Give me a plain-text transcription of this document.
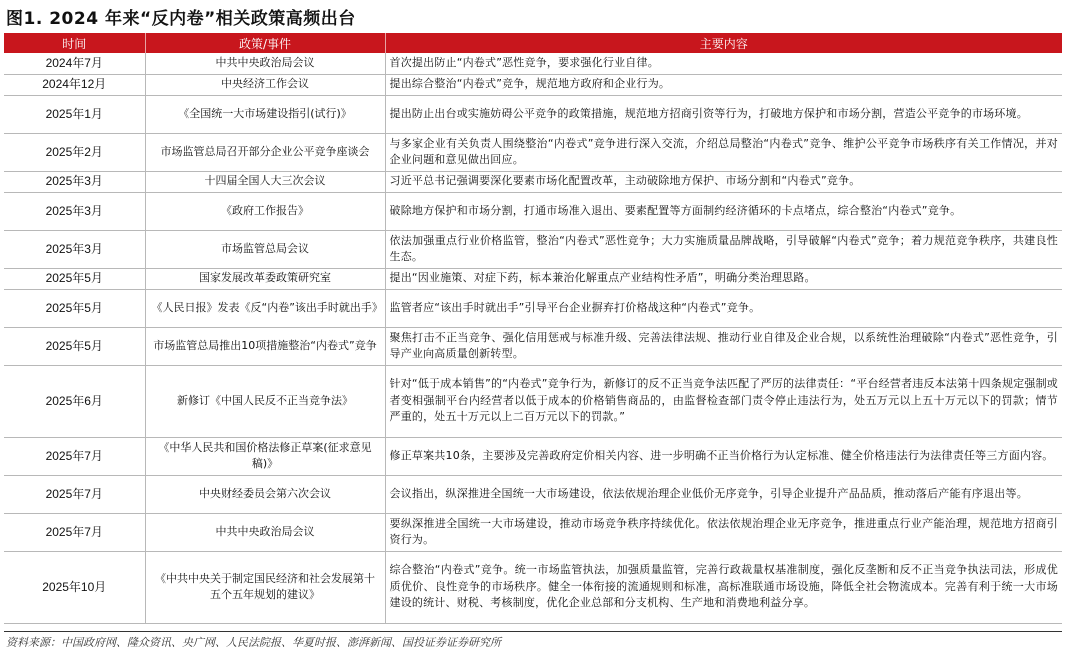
图1. 2024 年来“反内卷”相关政策高频出台
时间	政策/事件	主要内容
2024年7月	中共中央政治局会议	首次提出防止“内卷式”恶性竞争，要求强化行业自律。
2024年12月	中央经济工作会议	提出综合整治“内卷式”竞争，规范地方政府和企业行为。
2025年1月	《全国统一大市场建设指引(试行)》	提出防止出台或实施妨碍公平竞争的政策措施，规范地方招商引资等行为，打破地方保护和市场分割，营造公平竞争的市场环境。
2025年2月	市场监管总局召开部分企业公平竞争座谈会	与多家企业有关负责人围绕整治“内卷式”竞争进行深入交流，介绍总局整治“内卷式”竞争、维护公平竞争市场秩序有关工作情况，并对企业问题和意见做出回应。
2025年3月	十四届全国人大三次会议	习近平总书记强调要深化要素市场化配置改革，主动破除地方保护、市场分割和“内卷式”竞争。
2025年3月	《政府工作报告》	破除地方保护和市场分割，打通市场准入退出、要素配置等方面制约经济循环的卡点堵点，综合整治“内卷式”竞争。
2025年3月	市场监管总局会议	依法加强重点行业价格监管，整治“内卷式”恶性竞争；大力实施质量品牌战略，引导破解“内卷式”竞争；着力规范竞争秩序，共建良性生态。
2025年5月	国家发展改革委政策研究室	提出“因业施策、对症下药，标本兼治化解重点产业结构性矛盾”，明确分类治理思路。
2025年5月	《人民日报》发表《反“内卷”该出手时就出手》	监管者应“该出手时就出手”引导平台企业摒弃打价格战这种“内卷式”竞争。
2025年5月	市场监管总局推出10项措施整治“内卷式”竞争	聚焦打击不正当竞争、强化信用惩戒与标准升级、完善法律法规、推动行业自律及企业合规，以系统性治理破除“内卷式”恶性竞争，引导产业向高质量创新转型。
2025年6月	新修订《中国人民反不正当竞争法》	针对“低于成本销售”的“内卷式”竞争行为，新修订的反不正当竞争法匹配了严厉的法律责任：“平台经营者违反本法第十四条规定强制或者变相强制平台内经营者以低于成本的价格销售商品的，由监督检查部门责令停止违法行为，处五万元以上五十万元以下的罚款；情节严重的，处五十万元以上二百万元以下的罚款。”
2025年7月	《中华人民共和国价格法修正草案(征求意见稿)》	修正草案共10条，主要涉及完善政府定价相关内容、进一步明确不正当价格行为认定标准、健全价格违法行为法律责任等三方面内容。
2025年7月	中央财经委员会第六次会议	会议指出，纵深推进全国统一大市场建设，依法依规治理企业低价无序竞争，引导企业提升产品品质，推动落后产能有序退出等。
2025年7月	中共中央政治局会议	要纵深推进全国统一大市场建设，推动市场竞争秩序持续优化。依法依规治理企业无序竞争，推进重点行业产能治理，规范地方招商引资行为。
2025年10月	《中共中央关于制定国民经济和社会发展第十五个五年规划的建议》	综合整治“内卷式”竞争。统一市场监管执法，加强质量监管，完善行政裁量权基准制度，强化反垄断和反不正当竞争执法司法，形成优质优价、良性竞争的市场秩序。健全一体衔接的流通规则和标准，高标准联通市场设施，降低全社会物流成本。完善有利于统一大市场建设的统计、财税、考核制度，优化企业总部和分支机构、生产地和消费地利益分享。
资料来源：中国政府网、隆众资讯、央广网、人民法院报、华夏时报、澎湃新闻、国投证券证券研究所
